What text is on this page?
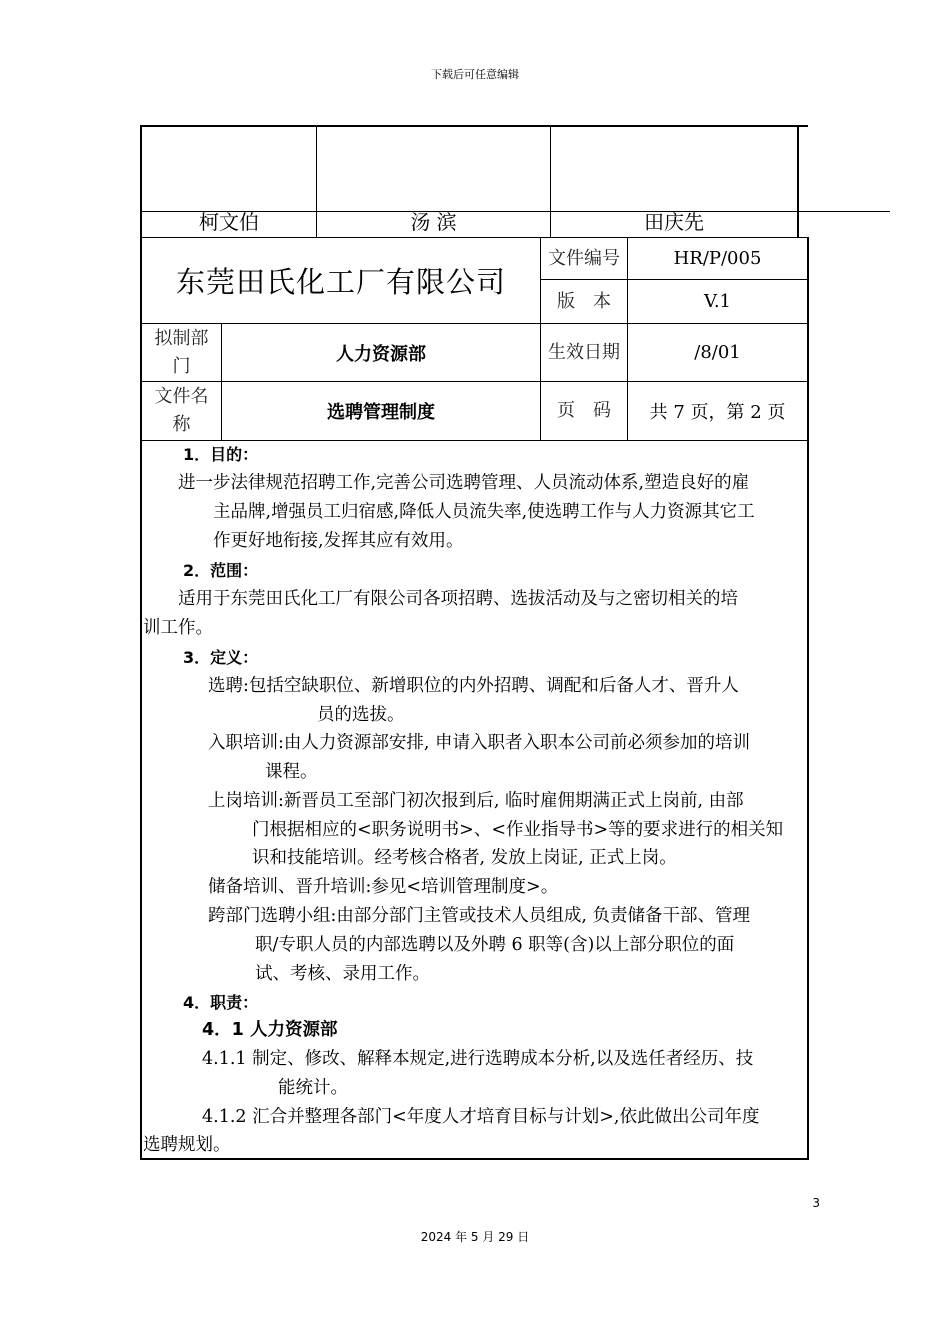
下载后可任意编辑
柯文伯	汤 滨	田庆先
东莞田氏化工厂有限公司
文件编号	HR/P/005
版　本	V.1
拟制部
门
人力资源部	生效日期	/8/01
文件名
称
选聘管理制度	页　码	共 7 页，第 2 页
1．目的：
进一步法律规范招聘工作,完善公司选聘管理、人员流动体系,塑造良好的雇
主品牌,增强员工归宿感,降低人员流失率,使选聘工作与人力资源其它工
作更好地衔接,发挥其应有效用。
2．范围：
适用于东莞田氏化工厂有限公司各项招聘、选拔活动及与之密切相关的培
训工作。
3．定义：
选聘:包括空缺职位、新增职位的内外招聘、调配和后备人才、晋升人
员的选拔。
入职培训:由人力资源部安排, 申请入职者入职本公司前必须参加的培训
课程。
上岗培训:新晋员工至部门初次报到后, 临时雇佣期满正式上岗前, 由部
门根据相应的<职务说明书>、<作业指导书>等的要求进行的相关知
识和技能培训。经考核合格者, 发放上岗证, 正式上岗。
储备培训、晋升培训:参见<培训管理制度>。
跨部门选聘小组:由部分部门主管或技术人员组成, 负责储备干部、管理
职/专职人员的内部选聘以及外聘 6 职等(含)以上部分职位的面
试、考核、录用工作。
4．职责：
4．1 人力资源部
4.1.1 制定、修改、解释本规定,进行选聘成本分析,以及选任者经历、技
能统计。
4.1.2 汇合并整理各部门<年度人才培育目标与计划>,依此做出公司年度
选聘规划。
3
2024 年 5 月 29 日
